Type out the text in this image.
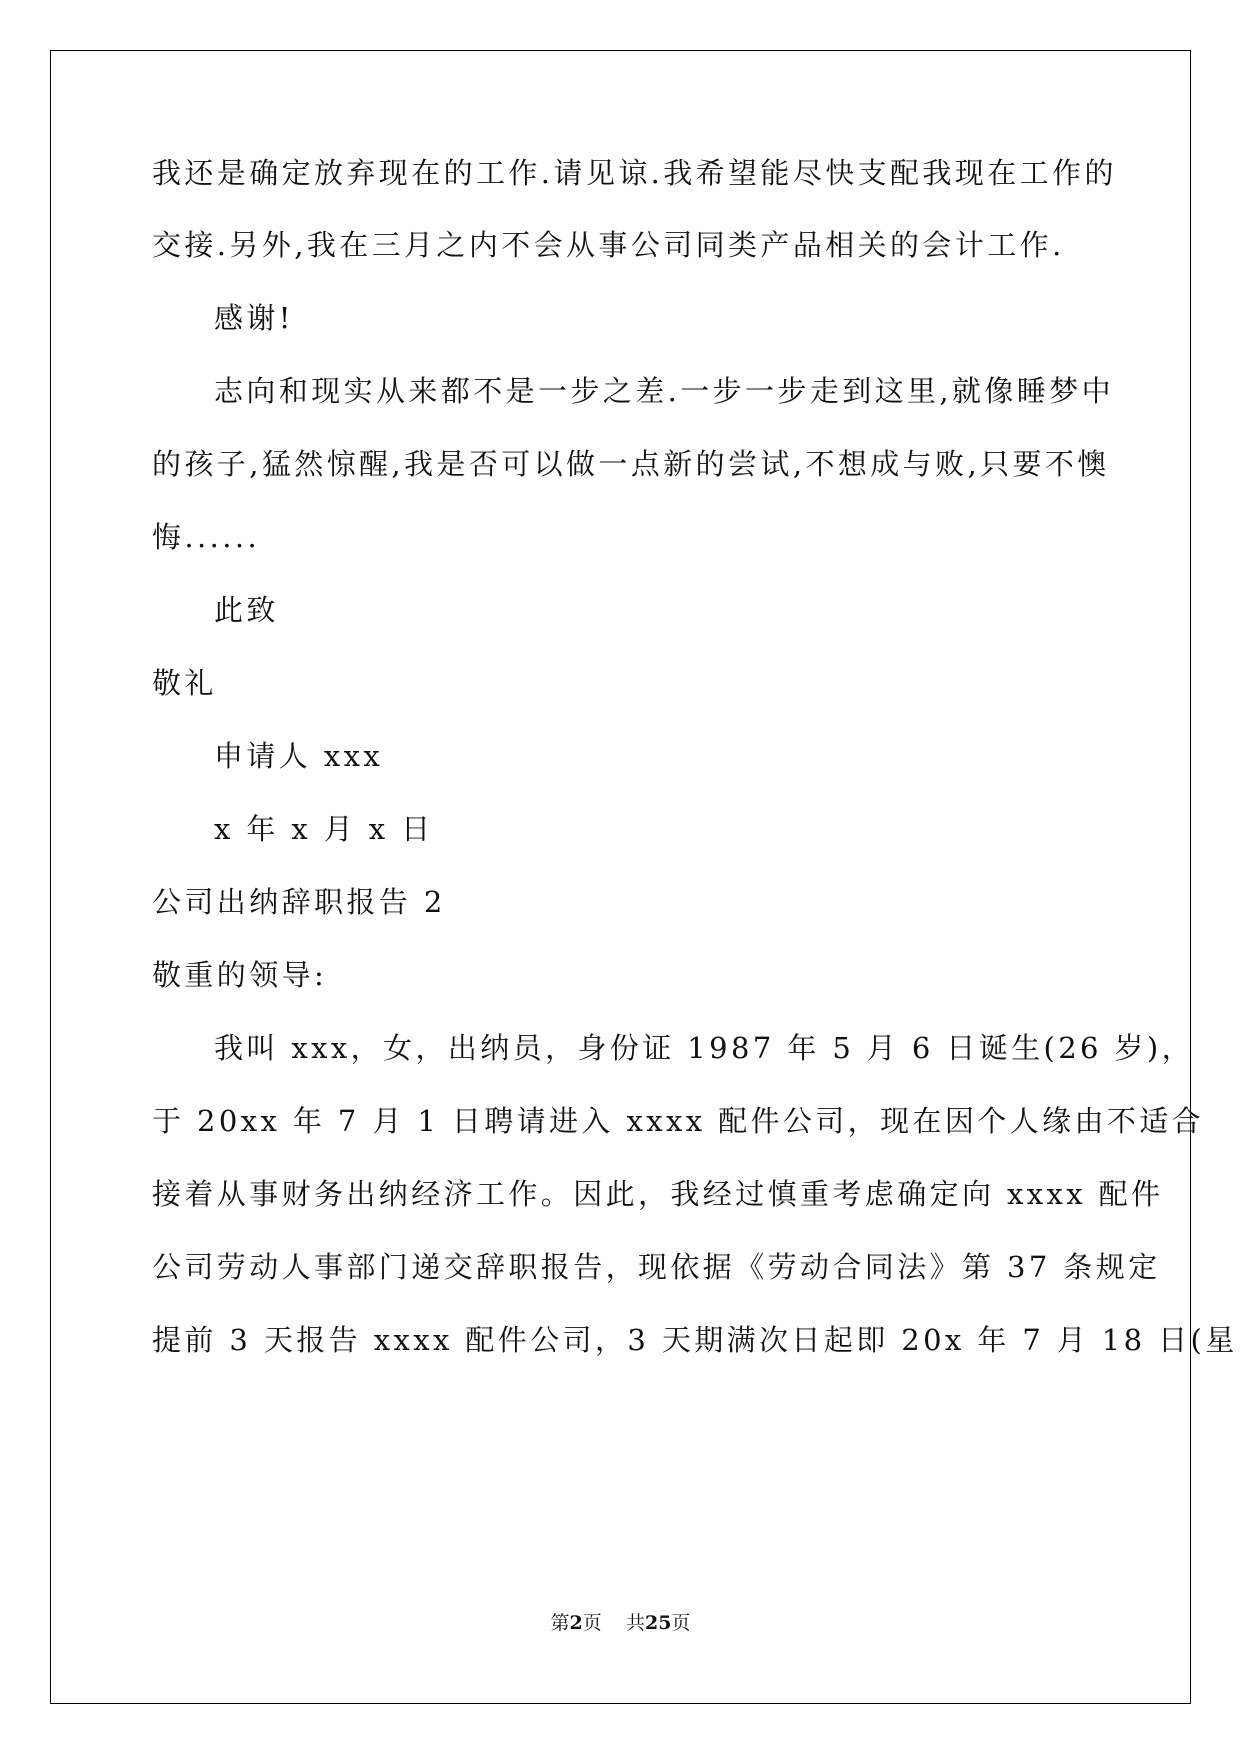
我还是确定放弃现在的工作.请见谅.我希望能尽快支配我现在工作的

交接.另外,我在三月之内不会从事公司同类产品相关的会计工作.

感谢!

志向和现实从来都不是一步之差.一步一步走到这里,就像睡梦中

的孩子,猛然惊醒,我是否可以做一点新的尝试,不想成与败,只要不懊

悔......

此致

敬礼

申请人 xxx

x 年 x 月 x 日

公司出纳辞职报告 2

敬重的领导:

我叫 xxx，女，出纳员，身份证 1987 年 5 月 6 日诞生(26 岁)，

于 20xx 年 7 月 1 日聘请进入 xxxx 配件公司，现在因个人缘由不适合

接着从事财务出纳经济工作。因此，我经过慎重考虑确定向 xxxx 配件

公司劳动人事部门递交辞职报告，现依据《劳动合同法》第 37 条规定

提前 3 天报告 xxxx 配件公司，3 天期满次日起即 20x 年 7 月 18 日(星

第2页 共25页
